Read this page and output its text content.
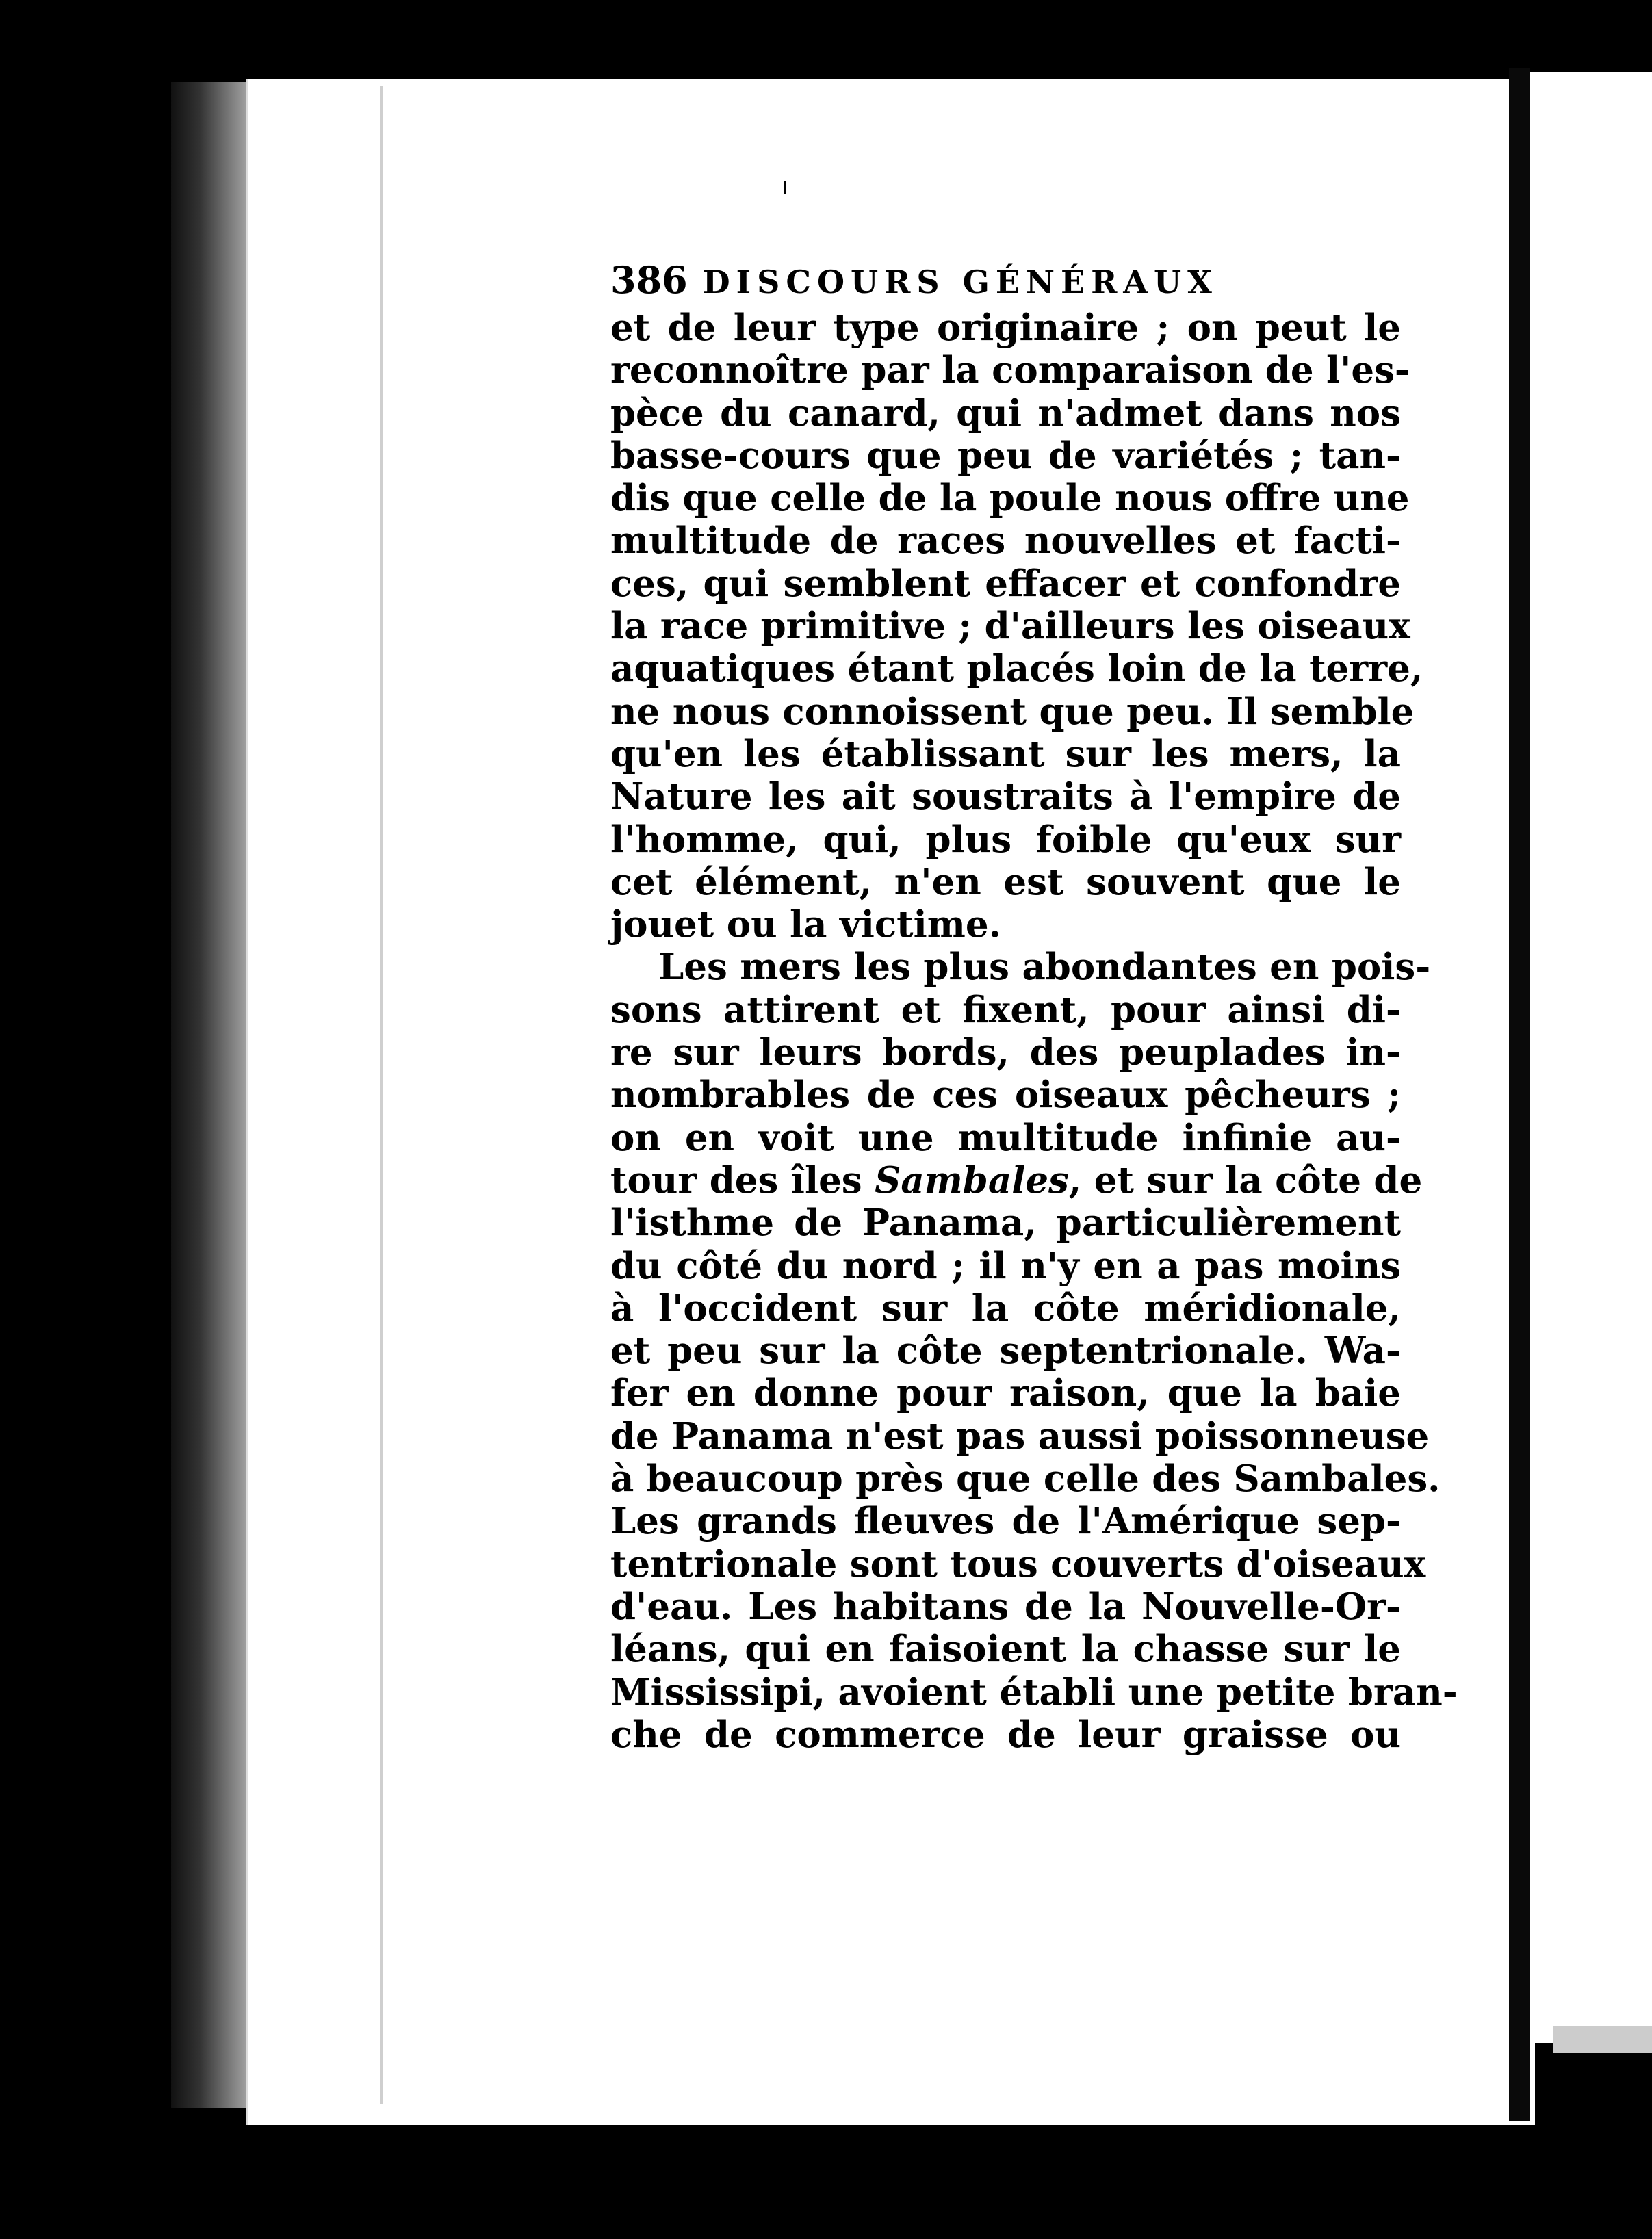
386 DISCOURS GÉNÉRAUX
et de leur type originaire ; on peut le
reconnoître par la comparaison de l'es-
pèce du canard, qui n'admet dans nos
basse-cours que peu de variétés ; tan-
dis que celle de la poule nous offre une
multitude de races nouvelles et facti-
ces, qui semblent effacer et confondre
la race primitive ; d'ailleurs les oiseaux
aquatiques étant placés loin de la terre,
ne nous connoissent que peu. Il semble
qu'en les établissant sur les mers, la
Nature les ait soustraits à l'empire de
l'homme, qui, plus foible qu'eux sur
cet élément, n'en est souvent que le
jouet ou la victime.
Les mers les plus abondantes en pois-
sons attirent et fixent, pour ainsi di-
re sur leurs bords, des peuplades in-
nombrables de ces oiseaux pêcheurs ;
on en voit une multitude infinie au-
tour des îles Sambales, et sur la côte de
l'isthme de Panama, particulièrement
du côté du nord ; il n'y en a pas moins
à l'occident sur la côte méridionale,
et peu sur la côte septentrionale. Wa-
fer en donne pour raison, que la baie
de Panama n'est pas aussi poissonneuse
à beaucoup près que celle des Sambales.
Les grands fleuves de l'Amérique sep-
tentrionale sont tous couverts d'oiseaux
d'eau. Les habitans de la Nouvelle-Or-
léans, qui en faisoient la chasse sur le
Mississipi, avoient établi une petite bran-
che de commerce de leur graisse ou
